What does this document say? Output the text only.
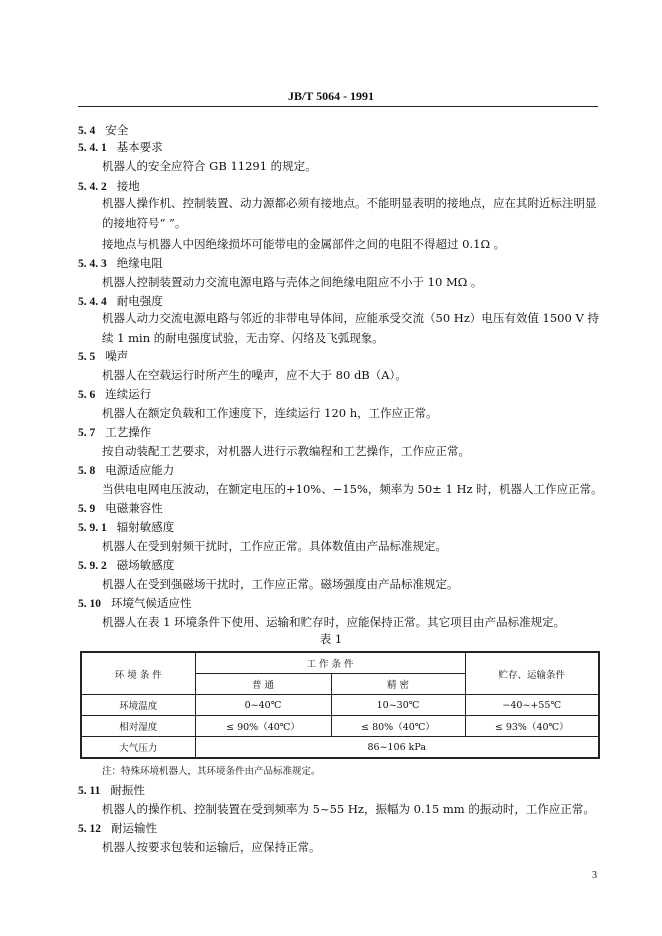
JB/T 5064 - 1991
5. 4 安全
5. 4. 1 基本要求
机器人的安全应符合 GB 11291 的规定。
5. 4. 2 接地
机器人操作机、控制装置、动力源都必须有接地点。不能明显表明的接地点，应在其附近标注明显的接地符号“ ”。
接地点与机器人中因绝缘损坏可能带电的金属部件之间的电阻不得超过 0.1Ω 。
5. 4. 3 绝缘电阻
机器人控制装置动力交流电源电路与壳体之间绝缘电阻应不小于 10 MΩ 。
5. 4. 4 耐电强度
机器人动力交流电源电路与邻近的非带电导体间，应能承受交流（50 Hz）电压有效值 1500 V 持续 1 min 的耐电强度试验，无击穿、闪络及飞弧现象。
5. 5 噪声
机器人在空载运行时所产生的噪声，应不大于 80 dB（A）。
5. 6 连续运行
机器人在额定负载和工作速度下，连续运行 120 h，工作应正常。
5. 7 工艺操作
按自动装配工艺要求，对机器人进行示教编程和工艺操作，工作应正常。
5. 8 电源适应能力
当供电电网电压波动，在额定电压的+10%、−15%，频率为 50± 1 Hz 时，机器人工作应正常。
5. 9 电磁兼容性
5. 9. 1 辐射敏感度
机器人在受到射频干扰时，工作应正常。具体数值由产品标准规定。
5. 9. 2 磁场敏感度
机器人在受到强磁场干扰时，工作应正常。磁场强度由产品标准规定。
5. 10 环境气候适应性
机器人在表 1 环境条件下使用、运输和贮存时，应能保持正常。其它项目由产品标准规定。
表 1
环 境 条 件	工 作 条 件		贮存、运输条件
	普 通	精 密	
环境温度	0~40℃	10~30℃	−40~+55℃
相对湿度	≤ 90%（40℃）	≤ 80%（40℃）	≤ 93%（40℃）
大气压力	86~106 kPa		
注：特殊环境机器人，其环境条件由产品标准规定。
5. 11 耐振性
机器人的操作机、控制装置在受到频率为 5~55 Hz，振幅为 0.15 mm 的振动时，工作应正常。
5. 12 耐运输性
机器人按要求包装和运输后，应保持正常。
3
